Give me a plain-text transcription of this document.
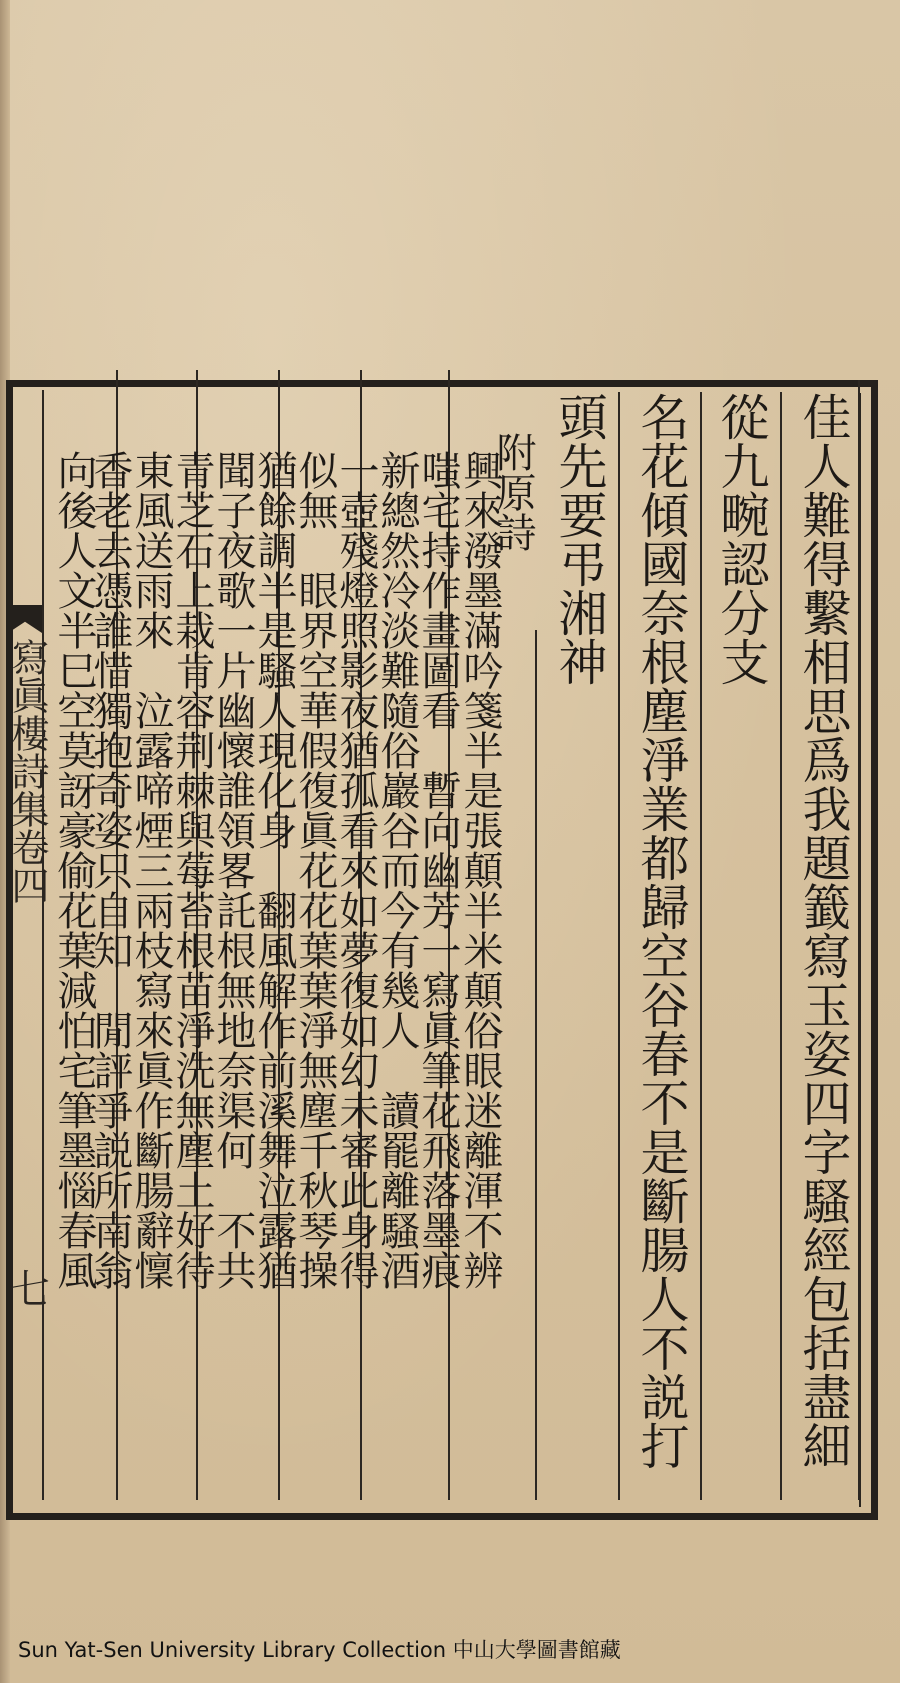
佳人難得繫相思爲我題籖寫玉姿四字騷經包括盡細
從九畹認分支
名花傾國奈根塵淨業都歸空谷春不是斷腸人不説打
頭先要弔湘神
附原詩
興來潑墨滿吟箋半是張顛半米顛俗眼迷離渾不辨
嗤宅持作畫圖看　暫向幽芳一寫眞筆花飛落墨痕
新總然冷淡難隨俗巖谷而今有幾人　讀罷離騷酒
一壺殘燈照影夜猶孤看來如夢復如幻未審此身得
似無　眼界空華假復眞花花葉葉淨無塵千秋琴操
猶餘調半是騷人現化身　翻風解作前溪舞泣露猶
聞子夜歌一片幽懷誰領畧託根無地奈渠何　不共
青芝石上栽肯容荆棘與莓苔根苗淨洗無塵土好待
東風送雨來　泣露啼煙三兩枝寫來眞作斷腸辭懍
香老去憑誰惜獨抱奇姿只自知　閒評爭説所南翁
向後人文半巳空莫訝豪偷花葉減怕宅筆墨惱春風
寫眞樓詩集卷四
七
Sun Yat-Sen University Library Collection 中山大學圖書館藏
